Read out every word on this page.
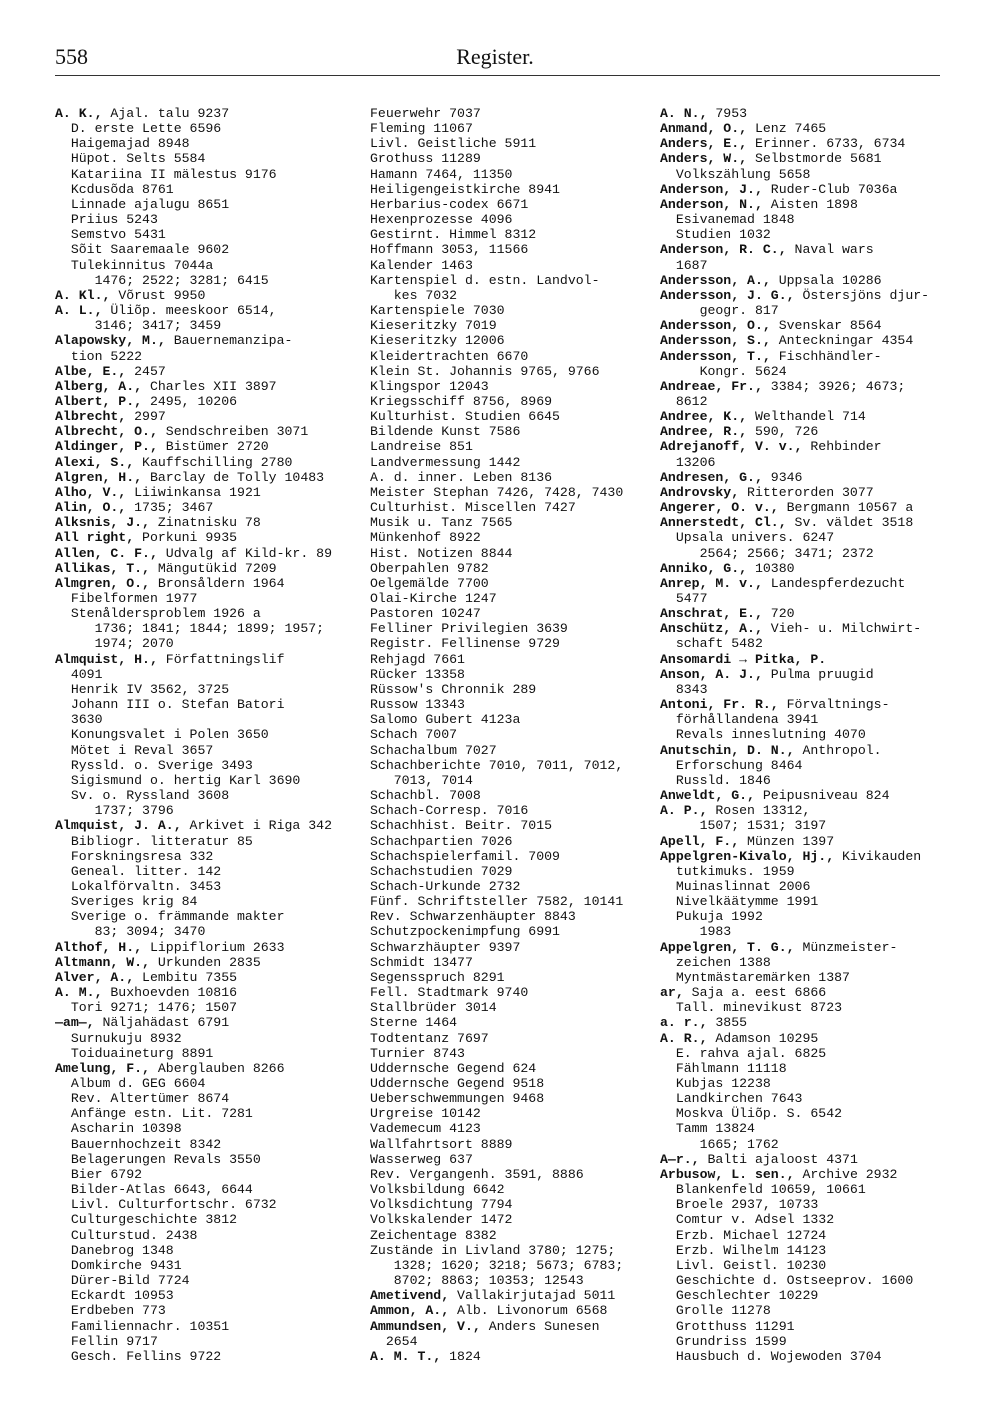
558	Register.
A. K., Ajal. talu 9237
D. erste Lette 6596
Haigemajad 8948
Hüpot. Selts 5584
Katariina II mälestus 9176
Kcdusõda 8761
Linnade ajalugu 8651
Priius 5243
Semstvo 5431
Sõit Saaremaale 9602
Tulekinnitus 7044a
1476; 2522; 3281; 6415
A. Kl., Võrust 9950
A. L., Üliõp. meeskoor 6514,
3146; 3417; 3459
Alapowsky, M., Bauernemanzipa-
tion 5222
Albe, E., 2457
Alberg, A., Charles XII 3897
Albert, P., 2495, 10206
Albrecht, 2997
Albrecht, O., Sendschreiben 3071
Aldinger, P., Bistümer 2720
Alexi, S., Kauffschilling 2780
Algren, H., Barclay de Tolly 10483
Alho, V., Liiwinkansa 1921
Alin, O., 1735; 3467
Alksnis, J., Zinatnisku 78
All right, Porkuni 9935
Allen, C. F., Udvalg af Kild-kr. 89
Allikas, T., Mängutükid 7209
Almgren, O., Bronsåldern 1964
Fibelformen 1977
Stenåldersproblem 1926 a
1736; 1841; 1844; 1899; 1957;
1974; 2070
Almquist, H., Författningslif
4091
Henrik IV 3562, 3725
Johann III o. Stefan Batori
3630
Konungsvalet i Polen 3650
Mötet i Reval 3657
Ryssld. o. Sverige 3493
Sigismund o. hertig Karl 3690
Sv. o. Ryssland 3608
1737; 3796
Almquist, J. A., Arkivet i Riga 342
Bibliogr. litteratur 85
Forskningsresa 332
Geneal. litter. 142
Lokalförvaltn. 3453
Sveriges krig 84
Sverige o. främmande makter
83; 3094; 3470
Althof, H., Lippiflorium 2633
Altmann, W., Urkunden 2835
Alver, A., Lembitu 7355
A. M., Buxhoevden 10816
Tori 9271; 1476; 1507
—am—, Näljahädast 6791
Surnukuju 8932
Toiduaineturg 8891
Amelung, F., Aberglauben 8266
Album d. GEG 6604
Rev. Altertümer 8674
Anfänge estn. Lit. 7281
Ascharin 10398
Bauernhochzeit 8342
Belagerungen Revals 3550
Bier 6792
Bilder-Atlas 6643, 6644
Livl. Culturfortschr. 6732
Culturgeschichte 3812
Culturstud. 2438
Danebrog 1348
Domkirche 9431
Dürer-Bild 7724
Eckardt 10953
Erdbeben 773
Familiennachr. 10351
Fellin 9717
Gesch. Fellins 9722
Feuerwehr 7037
Fleming 11067
Livl. Geistliche 5911
Grothuss 11289
Hamann 7464, 11350
Heiligengeistkirche 8941
Herbarius-codex 6671
Hexenprozesse 4096
Gestirnt. Himmel 8312
Hoffmann 3053, 11566
Kalender 1463
Kartenspiel d. estn. Landvol-
kes 7032
Kartenspiele 7030
Kieseritzky 7019
Kieseritzky 12006
Kleidertrachten 6670
Klein St. Johannis 9765, 9766
Klingspor 12043
Kriegsschiff 8756, 8969
Kulturhist. Studien 6645
Bildende Kunst 7586
Landreise 851
Landvermessung 1442
A. d. inner. Leben 8136
Meister Stephan 7426, 7428, 7430
Culturhist. Miscellen 7427
Musik u. Tanz 7565
Münkenhof 8922
Hist. Notizen 8844
Oberpahlen 9782
Oelgemälde 7700
Olai-Kirche 1247
Pastoren 10247
Felliner Privilegien 3639
Registr. Fellinense 9729
Rehjagd 7661
Rücker 13358
Rüssow's Chronnik 289
Russow 13343
Salomo Gubert 4123a
Schach 7007
Schachalbum 7027
Schachberichte 7010, 7011, 7012,
7013, 7014
Schachbl. 7008
Schach-Corresp. 7016
Schachhist. Beitr. 7015
Schachpartien 7026
Schachspielerfamil. 7009
Schachstudien 7029
Schach-Urkunde 2732
Fünf. Schriftsteller 7582, 10141
Rev. Schwarzenhäupter 8843
Schutzpockenimpfung 6991
Schwarzhäupter 9397
Schmidt 13477
Segensspruch 8291
Fell. Stadtmark 9740
Stallbrüder 3014
Sterne 1464
Todtentanz 7697
Turnier 8743
Uddernsche Gegend 624
Uddernsche Gegend 9518
Ueberschwemmungen 9468
Urgreise 10142
Vademecum 4123
Wallfahrtsort 8889
Wasserweg 637
Rev. Vergangenh. 3591, 8886
Volksbildung 6642
Volksdichtung 7794
Volkskalender 1472
Zeichentage 8382
Zustände in Livland 3780; 1275;
1328; 1620; 3218; 5673; 6783;
8702; 8863; 10353; 12543
Ametivend, Vallakirjutajad 5011
Ammon, A., Alb. Livonorum 6568
Ammundsen, V., Anders Sunesen
2654
A. M. T., 1824
A. N., 7953
Anmand, O., Lenz 7465
Anders, E., Erinner. 6733, 6734
Anders, W., Selbstmorde 5681
Volkszählung 5658
Anderson, J., Ruder-Club 7036a
Anderson, N., Aisten 1898
Esivanemad 1848
Studien 1032
Anderson, R. C., Naval wars
1687
Andersson, A., Uppsala 10286
Andersson, J. G., Östersjöns djur-
geogr. 817
Andersson, O., Svenskar 8564
Andersson, S., Anteckningar 4354
Andersson, T., Fischhändler-
Kongr. 5624
Andreae, Fr., 3384; 3926; 4673;
8612
Andree, K., Welthandel 714
Andree, R., 590, 726
Adrejanoff, V. v., Rehbinder
13206
Andresen, G., 9346
Androvsky, Ritterorden 3077
Angerer, O. v., Bergmann 10567 a
Annerstedt, Cl., Sv. väldet 3518
Upsala univers. 6247
2564; 2566; 3471; 2372
Anniko, G., 10380
Anrep, M. v., Landespferdezucht
5477
Anschrat, E., 720
Anschütz, A., Vieh- u. Milchwirt-
schaft 5482
Ansomardi → Pitka, P.
Anson, A. J., Pulma pruugid
8343
Antoni, Fr. R., Förvaltnings-
förhållandena 3941
Revals inneslutning 4070
Anutschin, D. N., Anthropol.
Erforschung 8464
Russld. 1846
Anweldt, G., Peipusniveau 824
A. P., Rosen 13312,
1507; 1531; 3197
Apell, F., Münzen 1397
Appelgren-Kivalo, Hj., Kivikauden
tutkimuks. 1959
Muinaslinnat 2006
Nivelkäätymme 1991
Pukuja 1992
1983
Appelgren, T. G., Münzmeister-
zeichen 1388
Myntmästaremärken 1387
ar, Saja a. eest 6866
Tall. minevikust 8723
a. r., 3855
A. R., Adamson 10295
E. rahva ajal. 6825
Fählmann 11118
Kubjas 12238
Landkirchen 7643
Moskva Üliõp. S. 6542
Tamm 13824
1665; 1762
A—r., Balti ajaloost 4371
Arbusow, L. sen., Archive 2932
Blankenfeld 10659, 10661
Broele 2937, 10733
Comtur v. Adsel 1332
Erzb. Michael 12724
Erzb. Wilhelm 14123
Livl. Geistl. 10230
Geschichte d. Ostseeprov. 1600
Geschlechter 10229
Grolle 11278
Grotthuss 11291
Grundriss 1599
Hausbuch d. Wojewoden 3704
